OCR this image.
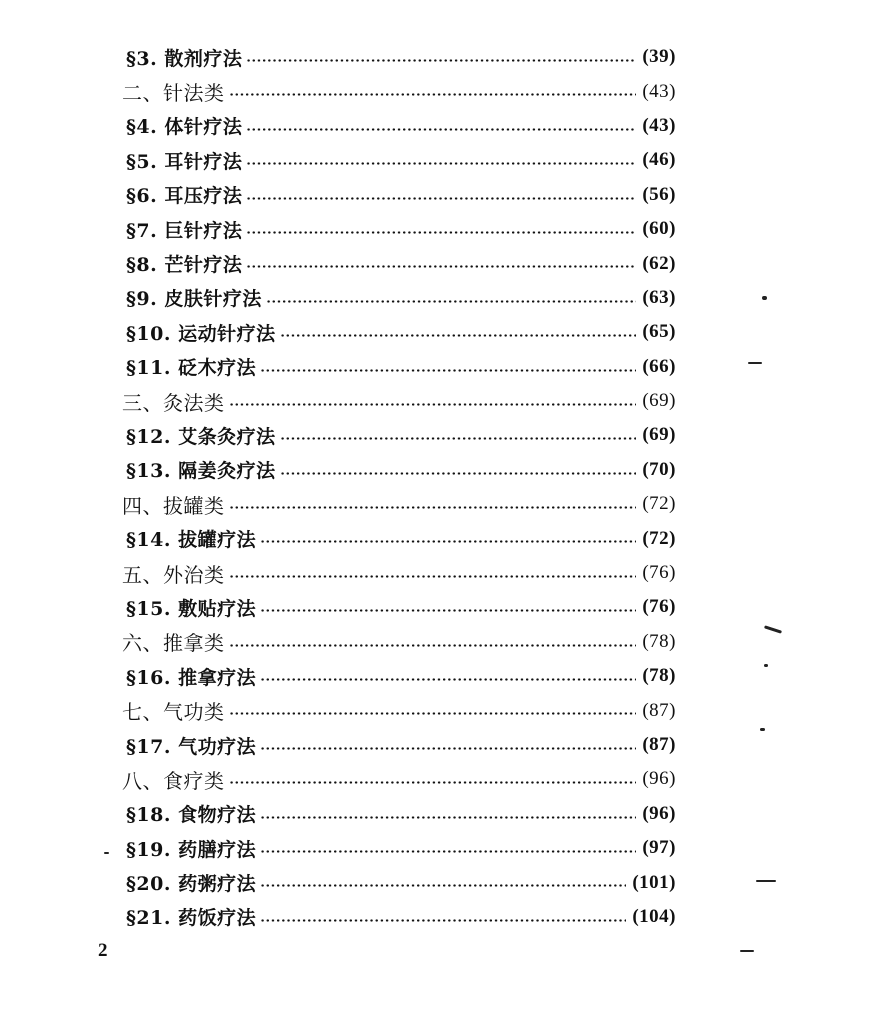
§3. 散剂疗法	(39)
二、针法类	(43)
§4. 体针疗法	(43)
§5. 耳针疗法	(46)
§6. 耳压疗法	(56)
§7. 巨针疗法	(60)
§8. 芒针疗法	(62)
§9. 皮肤针疗法	(63)
§10. 运动针疗法	(65)
§11. 砭木疗法	(66)
三、灸法类	(69)
§12. 艾条灸疗法	(69)
§13. 隔姜灸疗法	(70)
四、拔罐类	(72)
§14. 拔罐疗法	(72)
五、外治类	(76)
§15. 敷贴疗法	(76)
六、推拿类	(78)
§16. 推拿疗法	(78)
七、气功类	(87)
§17. 气功疗法	(87)
八、食疗类	(96)
§18. 食物疗法	(96)
§19. 药膳疗法	(97)
§20. 药粥疗法	(101)
§21. 药饭疗法	(104)
2
